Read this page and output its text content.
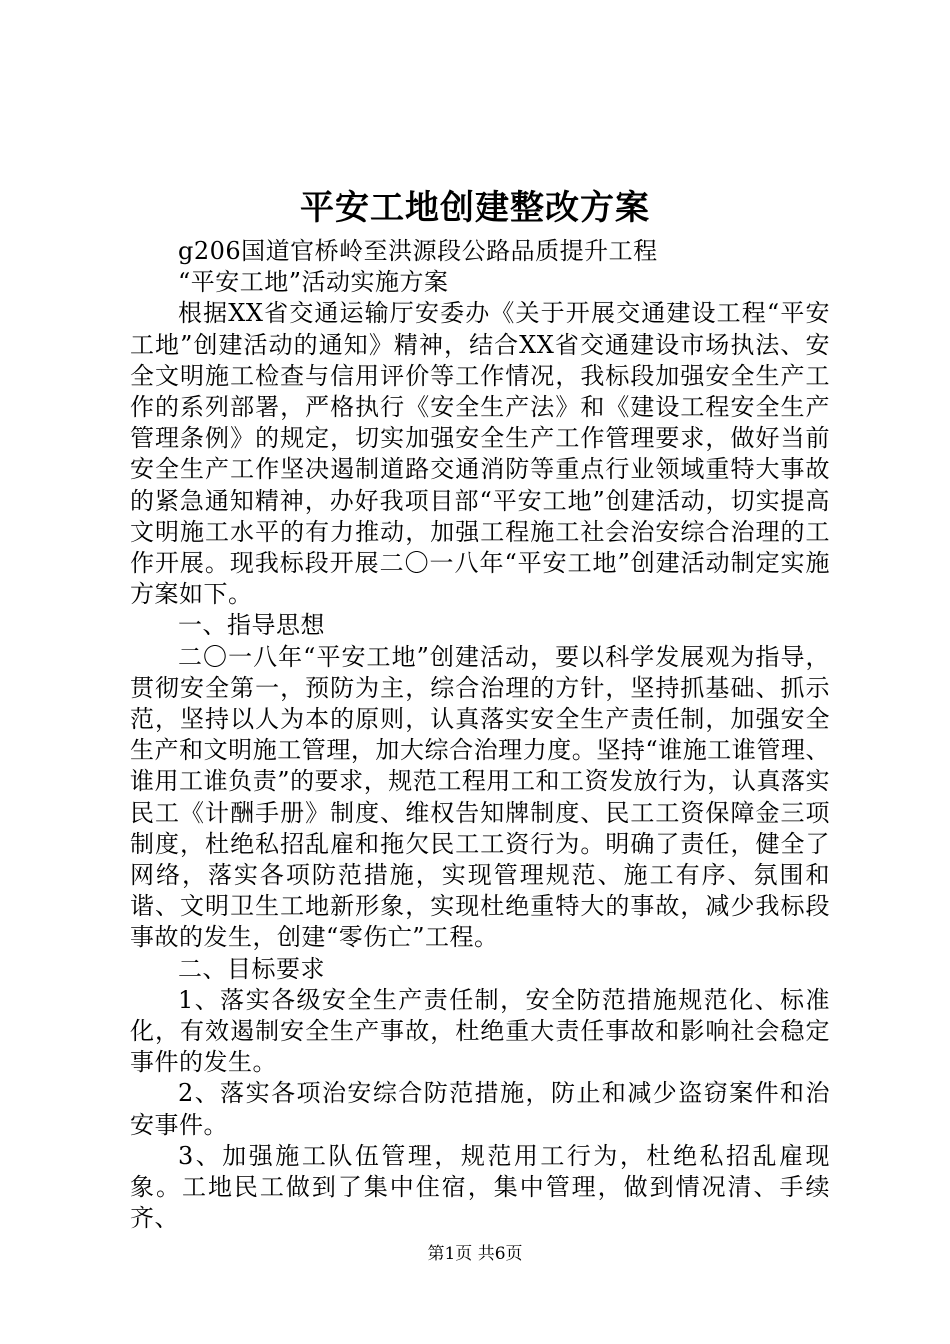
平安工地创建整改方案

g206国道官桥岭至洪源段公路品质提升工程

“平安工地”活动实施方案

根据XX省交通运输厅安委办《关于开展交通建设工程“平安工地”创建活动的通知》精神，结合XX省交通建设市场执法、安全文明施工检查与信用评价等工作情况，我标段加强安全生产工作的系列部署，严格执行《安全生产法》和《建设工程安全生产管理条例》的规定，切实加强安全生产工作管理要求，做好当前安全生产工作坚决遏制道路交通消防等重点行业领域重特大事故的紧急通知精神，办好我项目部“平安工地”创建活动，切实提高文明施工水平的有力推动，加强工程施工社会治安综合治理的工作开展。现我标段开展二〇一八年“平安工地”创建活动制定实施方案如下。

一、指导思想

二〇一八年“平安工地”创建活动，要以科学发展观为指导，贯彻安全第一，预防为主，综合治理的方针，坚持抓基础、抓示范，坚持以人为本的原则，认真落实安全生产责任制，加强安全生产和文明施工管理，加大综合治理力度。坚持“谁施工谁管理、谁用工谁负责”的要求，规范工程用工和工资发放行为，认真落实民工《计酬手册》制度、维权告知牌制度、民工工资保障金三项制度，杜绝私招乱雇和拖欠民工工资行为。明确了责任，健全了网络，落实各项防范措施，实现管理规范、施工有序、氛围和谐、文明卫生工地新形象，实现杜绝重特大的事故，减少我标段事故的发生，创建“零伤亡”工程。

二、目标要求

1、落实各级安全生产责任制，安全防范措施规范化、标准化，有效遏制安全生产事故，杜绝重大责任事故和影响社会稳定事件的发生。

2、落实各项治安综合防范措施，防止和减少盗窃案件和治安事件。

3、加强施工队伍管理，规范用工行为，杜绝私招乱雇现象。工地民工做到了集中住宿，集中管理，做到情况清、手续齐、

第1页 共6页
